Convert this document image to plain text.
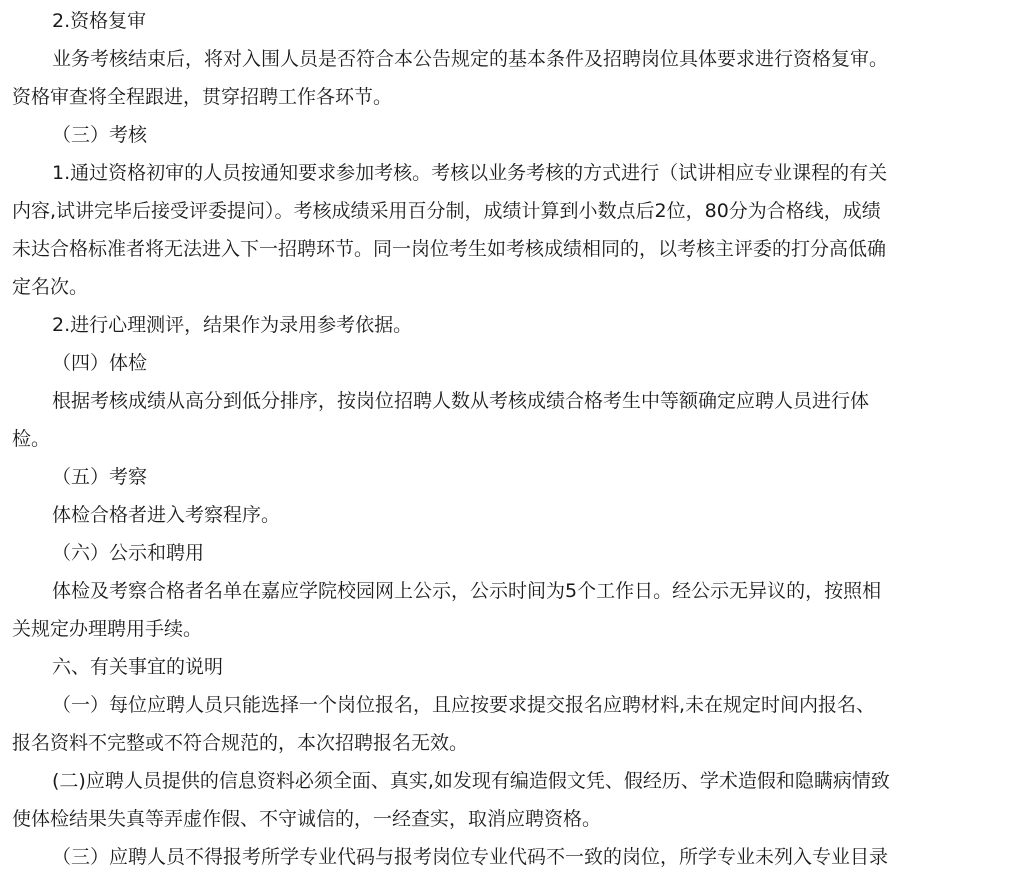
2.资格复审
业务考核结束后，将对入围人员是否符合本公告规定的基本条件及招聘岗位具体要求进行资格复审。
资格审查将全程跟进，贯穿招聘工作各环节。
（三）考核
1.通过资格初审的人员按通知要求参加考核。考核以业务考核的方式进行（试讲相应专业课程的有关
内容,试讲完毕后接受评委提问）。考核成绩采用百分制，成绩计算到小数点后2位，80分为合格线，成绩
未达合格标准者将无法进入下一招聘环节。同一岗位考生如考核成绩相同的，以考核主评委的打分高低确
定名次。
2.进行心理测评，结果作为录用参考依据。
（四）体检
根据考核成绩从高分到低分排序，按岗位招聘人数从考核成绩合格考生中等额确定应聘人员进行体
检。
（五）考察
体检合格者进入考察程序。
（六）公示和聘用
体检及考察合格者名单在嘉应学院校园网上公示，公示时间为5个工作日。经公示无异议的，按照相
关规定办理聘用手续。
六、有关事宜的说明
（一）每位应聘人员只能选择一个岗位报名，且应按要求提交报名应聘材料,未在规定时间内报名、
报名资料不完整或不符合规范的，本次招聘报名无效。
(二)应聘人员提供的信息资料必须全面、真实,如发现有编造假文凭、假经历、学术造假和隐瞒病情致
使体检结果失真等弄虚作假、不守诚信的，一经查实，取消应聘资格。
（三）应聘人员不得报考所学专业代码与报考岗位专业代码不一致的岗位，所学专业未列入专业目录
